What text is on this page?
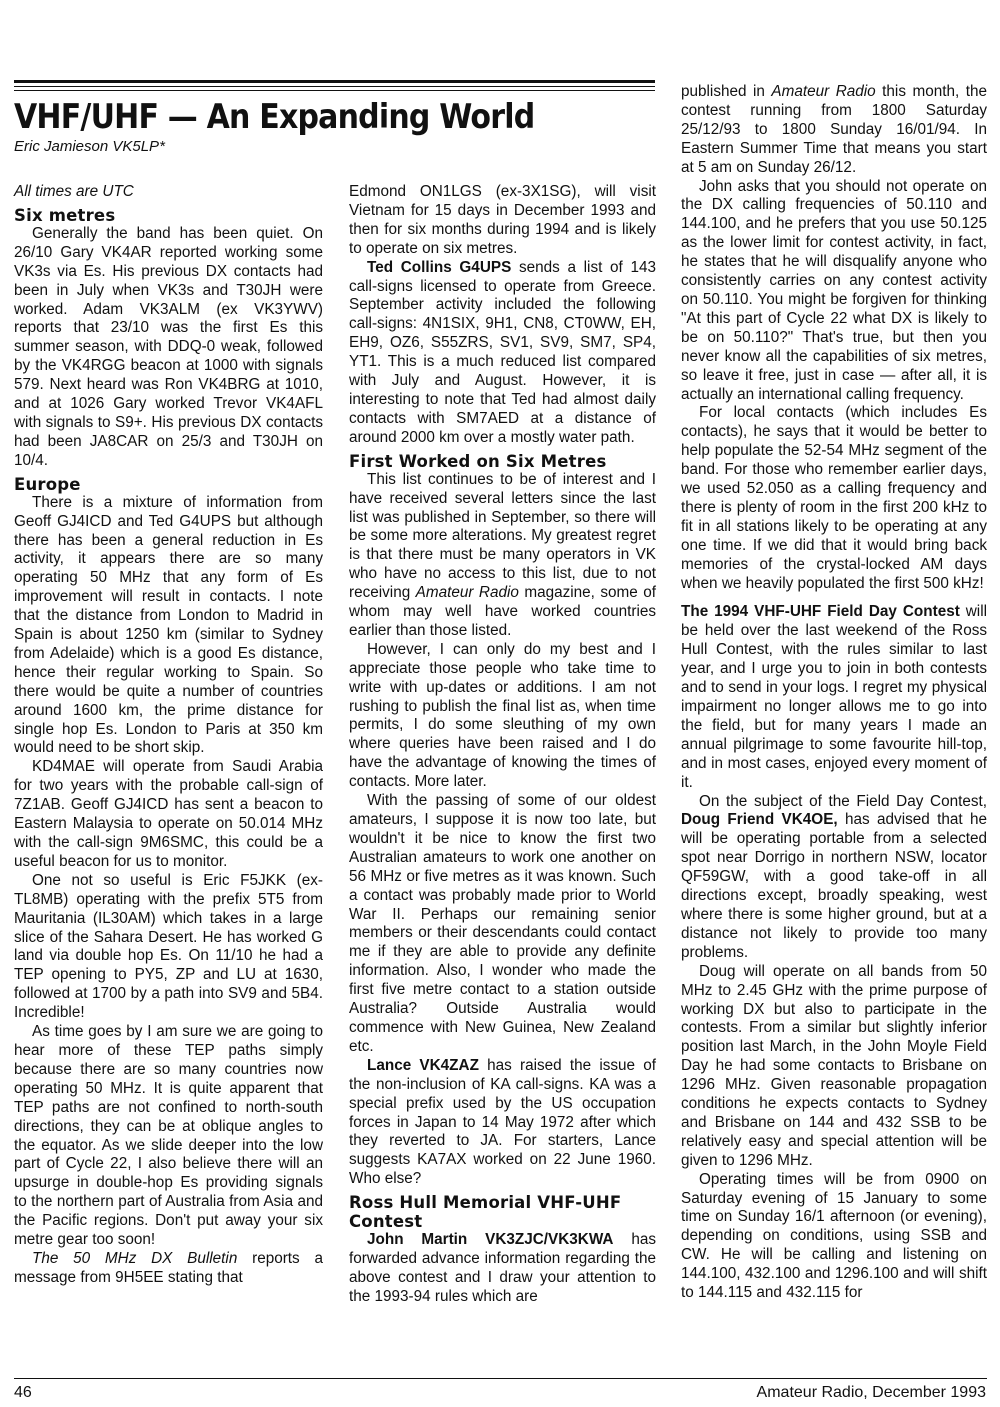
VHF/UHF — An Expanding World
Eric Jamieson VK5LP*

All times are UTC

Six metres

Generally the band has been quiet. On 26/10 Gary VK4AR reported working some VK3s via Es. His previous DX contacts had been in July when VK3s and T30JH were worked. Adam VK3ALM (ex VK3YWV) reports that 23/10 was the first Es this summer season, with DDQ-0 weak, followed by the VK4RGG beacon at 1000 with signals 579. Next heard was Ron VK4BRG at 1010, and at 1026 Gary worked Trevor VK4AFL with signals to S9+. His previous DX contacts had been JA8CAR on 25/3 and T30JH on 10/4.

Europe

There is a mixture of information from Geoff GJ4ICD and Ted G4UPS but although there has been a general reduction in Es activity, it appears there are so many operating 50 MHz that any form of Es improvement will result in contacts. I note that the distance from London to Madrid in Spain is about 1250 km (similar to Sydney from Adelaide) which is a good Es distance, hence their regular working to Spain. So there would be quite a number of countries around 1600 km, the prime distance for single hop Es. London to Paris at 350 km would need to be short skip.

KD4MAE will operate from Saudi Arabia for two years with the probable call-sign of 7Z1AB. Geoff GJ4ICD has sent a beacon to Eastern Malaysia to operate on 50.014 MHz with the call-sign 9M6SMC, this could be a useful beacon for us to monitor.

One not so useful is Eric F5JKK (ex-TL8MB) operating with the prefix 5T5 from Mauritania (IL30AM) which takes in a large slice of the Sahara Desert. He has worked G land via double hop Es. On 11/10 he had a TEP opening to PY5, ZP and LU at 1630, followed at 1700 by a path into SV9 and 5B4. Incredible!

As time goes by I am sure we are going to hear more of these TEP paths simply because there are so many countries now operating 50 MHz. It is quite apparent that TEP paths are not confined to north-south directions, they can be at oblique angles to the equator. As we slide deeper into the low part of Cycle 22, I also believe there will an upsurge in double-hop Es providing signals to the northern part of Australia from Asia and the Pacific regions. Don't put away your six metre gear too soon!

The 50 MHz DX Bulletin reports a message from 9H5EE stating that

Edmond ON1LGS (ex-3X1SG), will visit Vietnam for 15 days in December 1993 and then for six months during 1994 and is likely to operate on six metres.

Ted Collins G4UPS sends a list of 143 call-signs licensed to operate from Greece. September activity included the following call-signs: 4N1SIX, 9H1, CN8, CT0WW, EH, EH9, OZ6, S55ZRS, SV1, SV9, SM7, SP4, YT1. This is a much reduced list compared with July and August. However, it is interesting to note that Ted had almost daily contacts with SM7AED at a distance of around 2000 km over a mostly water path.

First Worked on Six Metres

This list continues to be of interest and I have received several letters since the last list was published in September, so there will be some more alterations. My greatest regret is that there must be many operators in VK who have no access to this list, due to not receiving Amateur Radio magazine, some of whom may well have worked countries earlier than those listed.

However, I can only do my best and I appreciate those people who take time to write with up-dates or additions. I am not rushing to publish the final list as, when time permits, I do some sleuthing of my own where queries have been raised and I do have the advantage of knowing the times of contacts. More later.

With the passing of some of our oldest amateurs, I suppose it is now too late, but wouldn't it be nice to know the first two Australian amateurs to work one another on 56 MHz or five metres as it was known. Such a contact was probably made prior to World War II. Perhaps our remaining senior members or their descendants could contact me if they are able to provide any definite information. Also, I wonder who made the first five metre contact to a station outside Australia? Outside Australia would commence with New Guinea, New Zealand etc.

Lance VK4ZAZ has raised the issue of the non-inclusion of KA call-signs. KA was a special prefix used by the US occupation forces in Japan to 14 May 1972 after which they reverted to JA. For starters, Lance suggests KA7AX worked on 22 June 1960. Who else?

Ross Hull Memorial VHF-UHF Contest

John Martin VK3ZJC/VK3KWA has forwarded advance information regarding the above contest and I draw your attention to the 1993-94 rules which are

published in Amateur Radio this month, the contest running from 1800 Saturday 25/12/93 to 1800 Sunday 16/01/94. In Eastern Summer Time that means you start at 5 am on Sunday 26/12.

John asks that you should not operate on the DX calling frequencies of 50.110 and 144.100, and he prefers that you use 50.125 as the lower limit for contest activity, in fact, he states that he will disqualify anyone who consistently carries on any contest activity on 50.110. You might be forgiven for thinking "At this part of Cycle 22 what DX is likely to be on 50.110?" That's true, but then you never know all the capabilities of six metres, so leave it free, just in case — after all, it is actually an international calling frequency.

For local contacts (which includes Es contacts), he says that it would be better to help populate the 52-54 MHz segment of the band. For those who remember earlier days, we used 52.050 as a calling frequency and there is plenty of room in the first 200 kHz to fit in all stations likely to be operating at any one time. If we did that it would bring back memories of the crystal-locked AM days when we heavily populated the first 500 kHz!

The 1994 VHF-UHF Field Day Contest will be held over the last weekend of the Ross Hull Contest, with the rules similar to last year, and I urge you to join in both contests and to send in your logs. I regret my physical impairment no longer allows me to go into the field, but for many years I made an annual pilgrimage to some favourite hill-top, and in most cases, enjoyed every moment of it.

On the subject of the Field Day Contest, Doug Friend VK4OE, has advised that he will be operating portable from a selected spot near Dorrigo in northern NSW, locator QF59GW, with a good take-off in all directions except, broadly speaking, west where there is some higher ground, but at a distance not likely to provide too many problems.

Doug will operate on all bands from 50 MHz to 2.45 GHz with the prime purpose of working DX but also to participate in the contests. From a similar but slightly inferior position last March, in the John Moyle Field Day he had some contacts to Brisbane on 1296 MHz. Given reasonable propagation conditions he expects contacts to Sydney and Brisbane on 144 and 432 SSB to be relatively easy and special attention will be given to 1296 MHz.

Operating times will be from 0900 on Saturday evening of 15 January to some time on Sunday 16/1 afternoon (or evening), depending on conditions, using SSB and CW. He will be calling and listening on 144.100, 432.100 and 1296.100 and will shift to 144.115 and 432.115 for

46	Amateur Radio, December 1993
